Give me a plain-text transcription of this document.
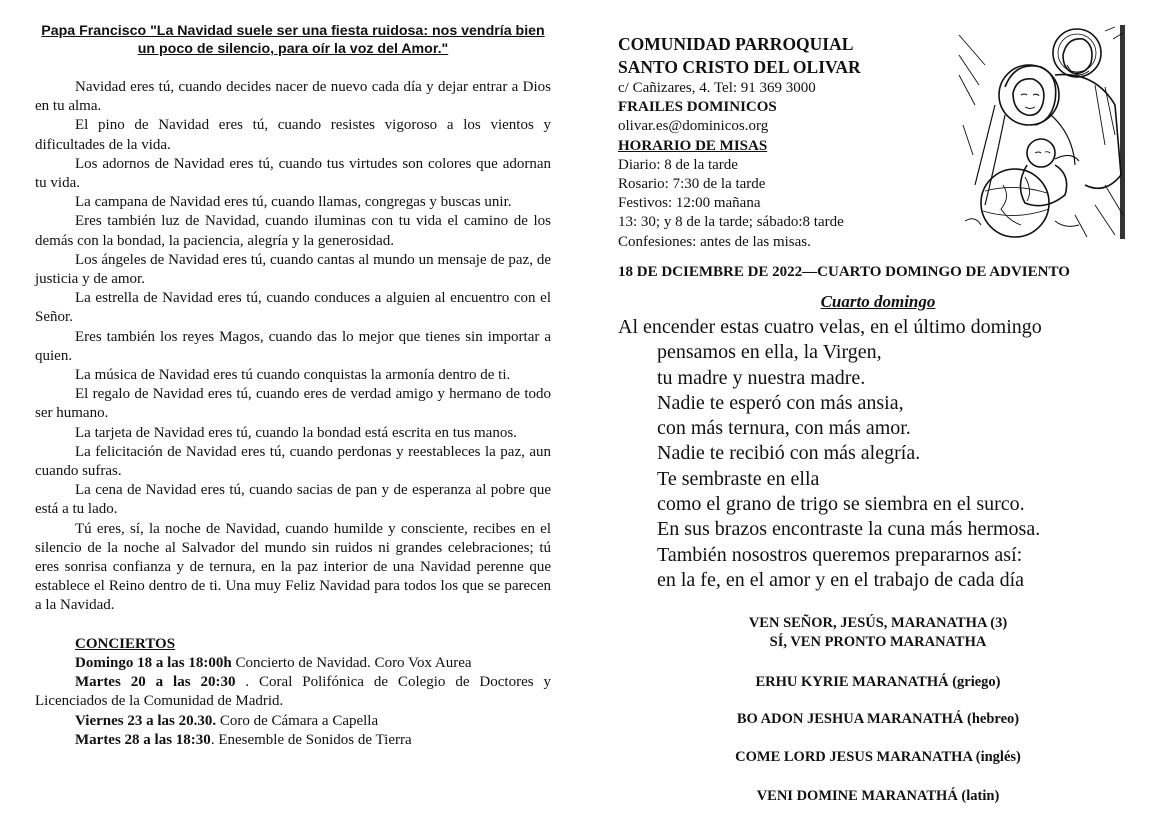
Papa Francisco "La Navidad suele ser una fiesta ruidosa: nos vendría bien un poco de silencio, para oír la voz del Amor."

Navidad eres tú, cuando decides nacer de nuevo cada día y dejar entrar a Dios en tu alma.

El pino de Navidad eres tú, cuando resistes vigoroso a los vientos y dificultades de la vida.

Los adornos de Navidad eres tú, cuando tus virtudes son colores que adornan tu vida.

La campana de Navidad eres tú, cuando llamas, congregas y buscas unir.

Eres también luz de Navidad, cuando iluminas con tu vida el camino de los demás con la bondad, la paciencia, alegría y la generosidad.

Los ángeles de Navidad eres tú, cuando cantas al mundo un mensaje de paz, de justicia y de amor.

La estrella de Navidad eres tú, cuando conduces a alguien al encuentro con el Señor.

Eres también los reyes Magos, cuando das lo mejor que tienes sin importar a quien.

La música de Navidad eres tú cuando conquistas la armonía dentro de ti.

El regalo de Navidad eres tú, cuando eres de verdad amigo y hermano de todo ser humano.

La tarjeta de Navidad eres tú, cuando la bondad está escrita en tus manos.

La felicitación de Navidad eres tú, cuando perdonas y reestableces la paz, aun cuando sufras.

La cena de Navidad eres tú, cuando sacias de pan y de esperanza al pobre que está a tu lado.

Tú eres, sí, la noche de Navidad, cuando humilde y consciente, recibes en el silencio de la noche al Salvador del mundo sin ruidos ni grandes celebraciones; tú eres sonrisa confianza y de ternura, en la paz interior de una Navidad perenne que establece el Reino dentro de ti. Una muy Feliz Navidad para todos los que se parecen a la Navidad.

CONCIERTOS

Domingo 18 a las 18:00h Concierto de Navidad. Coro Vox Aurea

Martes 20 a las 20:30 . Coral Polifónica de Colegio de Doctores y Licenciados de la Comunidad de Madrid.

Viernes 23 a las 20.30. Coro de Cámara a Capella

Martes 28 a las 18:30. Enesemble de Sonidos de Tierra

COMUNIDAD PARROQUIAL
SANTO CRISTO DEL OLIVAR
c/ Cañizares, 4. Tel: 91 369 3000
FRAILES DOMINICOS
olivar.es@dominicos.org
HORARIO DE MISAS
Diario: 8 de la tarde
Rosario: 7:30 de la tarde
Festivos: 12:00 mañana
13: 30; y 8 de la tarde; sábado:8 tarde
Confesiones: antes de las misas.
18 DE DCIEMBRE DE 2022—CUARTO DOMINGO DE ADVIENTO
Cuarto domingo
Al encender estas cuatro velas, en el último domingo
pensamos en ella, la Virgen,
tu madre y nuestra madre.
Nadie te esperó con más ansia,
con más ternura, con más amor.
Nadie te recibió con más alegría.
Te sembraste en ella
como el grano de trigo se siembra en el surco.
En sus brazos encontraste la cuna más hermosa.
También nosostros queremos prepararnos así:
en la fe, en el amor y en el trabajo de cada día
VEN SEÑOR, JESÚS, MARANATHA (3)
SÍ, VEN PRONTO MARANATHA
ERHU KYRIE MARANATHÁ (griego)
BO ADON JESHUA MARANATHÁ (hebreo)
COME LORD JESUS MARANATHA (inglés)
VENI DOMINE MARANATHÁ (latin)
